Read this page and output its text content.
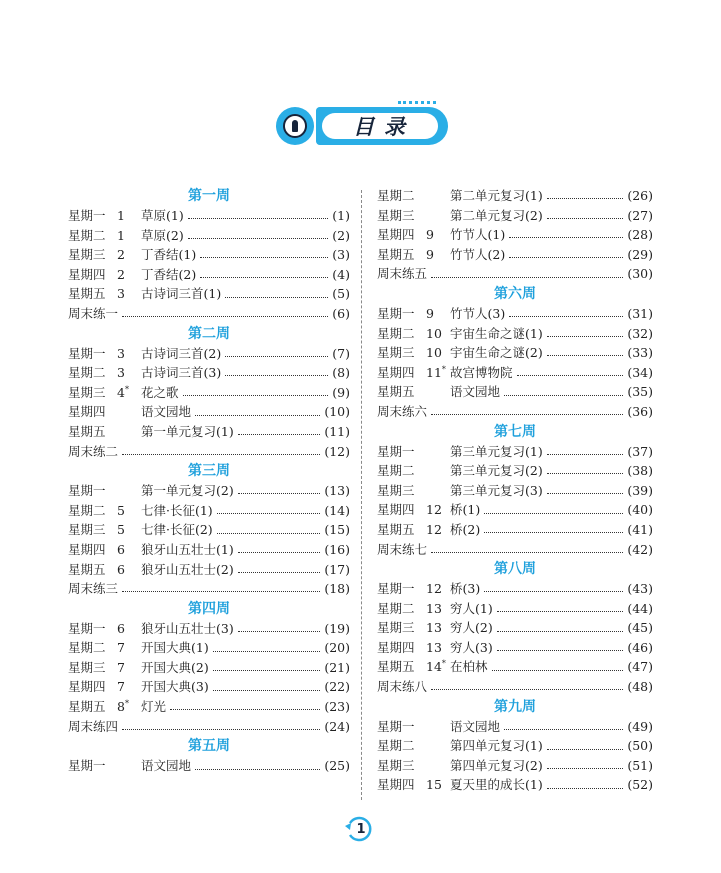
目录
第一周
星期一 1	草原(1)	(1)
星期二 1	草原(2)	(2)
星期三 2	丁香结(1)	(3)
星期四 2	丁香结(2)	(4)
星期五 3	古诗词三首(1)	(5)
周末练一	(6)
第二周
星期一 3	古诗词三首(2)	(7)
星期二 3	古诗词三首(3)	(8)
星期三 4* 花之歌	(9)
星期四	语文园地	(10)
星期五	第一单元复习(1)	(11)
周末练二	(12)
第三周
星期一	第一单元复习(2)	(13)
星期二 5	七律·长征(1)	(14)
星期三 5	七律·长征(2)	(15)
星期四 6	狼牙山五壮士(1)	(16)
星期五 6	狼牙山五壮士(2)	(17)
周末练三	(18)
第四周
星期一 6	狼牙山五壮士(3)	(19)
星期二 7	开国大典(1)	(20)
星期三 7	开国大典(2)	(21)
星期四 7	开国大典(3)	(22)
星期五 8* 灯光	(23)
周末练四	(24)
第五周
星期一	语文园地	(25)
星期二	第二单元复习(1)	(26)
星期三	第二单元复习(2)	(27)
星期四 9	竹节人(1)	(28)
星期五 9	竹节人(2)	(29)
周末练五	(30)
第六周
星期一 9	竹节人(3)	(31)
星期二 10 宇宙生命之谜(1)	(32)
星期三 10 宇宙生命之谜(2)	(33)
星期四 11* 故宫博物院	(34)
星期五	语文园地	(35)
周末练六	(36)
第七周
星期一	第三单元复习(1)	(37)
星期二	第三单元复习(2)	(38)
星期三	第三单元复习(3)	(39)
星期四 12 桥(1)	(40)
星期五 12 桥(2)	(41)
周末练七	(42)
第八周
星期一 12 桥(3)	(43)
星期二 13 穷人(1)	(44)
星期三 13 穷人(2)	(45)
星期四 13 穷人(3)	(46)
星期五 14* 在柏林	(47)
周末练八	(48)
第九周
星期一	语文园地	(49)
星期二	第四单元复习(1)	(50)
星期三	第四单元复习(2)	(51)
星期四 15 夏天里的成长(1)	(52)
1
